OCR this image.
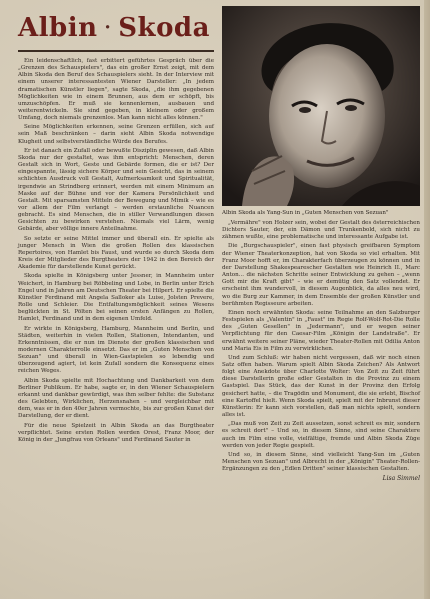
Albin · Skoda

Ein leidenschaftlich, fast erbittert geführtes Gespräch über die „Grenzen des Schauspielers", das ein großer Ernst zeigt, mit dem Albin Skoda den Beruf des Schauspielers sieht. In der Interview mit einem unserer interessantesten Wiener Darsteller: „In jedem dramatischen Künstler liegen", sagte Skoda, „die ihm gegebenen Möglichkeiten wie in einem Brunnen, aus dem er schöpft, bis umzuschöpfen. Er muß sie kennenlernen, ausbauen und weiterentwickeln. Sie sind gegeben, in kleinem oder großem Umfang, doch niemals grenzenlos. Man kann nicht alles können."

Seine Möglichkeiten erkennen, seine Grenzen erfüllen, sich auf sein Maß beschränken – darin sieht Albin Skoda notwendige Klugheit und selbstverständliche Würde des Berufes.

Er ist danach ein Zufall oder bewußte Disziplin gewesen, daß Albin Skoda nur der gestaltet, was ihm entspricht: Menschen, deren Gestalt sich in Wort, Geste und Gebärde formen, die er ist? Der eingespannte, lässig sichere Körper und sein Gesicht, das in seinem schlichten Ausdruck voll Gestalt, Aufmerksamkeit und Spiritualität, irgendwie an Strindberg erinnert, werden mit einem Minimum an Maske auf der Bühne und vor der Kamera Persönlichkeit und Gestalt. Mit sparsamsten Mitteln der Bewegung und Mimik – wie es vor allem der Film verlangt – werden erstaunliche Nuancen gebracht. Es sind Menschen, die in stiller Verwandlungen diesen Gesichten zu bewirken verstehen. Niemals viel Lärm, wenig Gebärde, aber völlige innere Anteilnahme.

So setzte er seine Mittel immer und überall ein. Er spielte als junger Mensch in Wien die großen Rollen des klassischen Repertoires, von Hamlet bis Faust, und wurde so durch Skoda dem Kreis der Mitglieder des Burgtheaters der 1942 in den Bereich der Akademie für darstellende Kunst gerückt.

Skoda spielte in Königsberg unter Jessner, in Mannheim unter Weichert, in Hamburg bei Röbbeling und Lobe, in Berlin unter Erich Engel und in Jahren am Deutschen Theater bei Hilpert. Er spielte die Künstler Ferdinand mit Angela Salloker als Luise, Jolsten Prevere, Rolle und Schleier. Die Entfaltungsmöglichkeit seines Wesens beglückten in St. Pölten bei seinen ersten Anfängen zu Rollen, Hamlet, Ferdinand und in dem eigenen Umfeld.

Er wirkte in Königsberg, Hamburg, Mannheim und Berlin, und Städten, weiterhin in vielen Rollen, Stationen, Intendanten, und Erkenntnissen, die er nun im Dienste der großen klassischen und modernen Charakterrolle einsetzt. Das er im „Guten Menschen von Sezuan" und überall in Wien-Gastspielen so lebendig und überzeugend agiert, ist kein Zufall sondern die Konsequenz eines reichen Weges.

Albin Skoda spielte mit Hochachtung und Dankbarkeit von dem Berliner Publikum. Er habe, sagte er, in den Wiener Schauspielern erkannt und dankbar gewürdigt, was ihm selber fehlte: die Substanz des Gelebten, Wirklichen, Herzensnahen – und vergleichbar mit dem, was er in den 40er Jahren vermochte, bis zur großen Kunst der Darstellung, der er dient.

Für die neue Spielzeit in Albin Skoda an das Burgtheater verpflichtet. Seine ersten Rollen werden Orest, Franz Moor, der König in der „Jungfrau von Orleans" und Ferdinand Sauter in

Albin Skoda als Yang-Sun in „Guten Menschen von Sezuan"

„Vermähre" von Holzer sein, wobei der Gestalt des österreichischen Dichters Sauter, der, ein Dämon und Trunkenbold, sich nicht zu zähmen wußte, eine problematische und interessante Aufgabe ist.

Die „Burgschauspieler", einen fast physisch greifbaren Symptom der Wiener Theaterkonzeption, hat von Skoda so viel erhalten. Mit Franz Moor hofft er, im Charakterfach überzeugen zu können und in der Darstellung Shakespearescher Gestalten wie Heinrich II., Marc Anton... die nächsten Schritte seiner Entwicklung zu gehen – „wenn Gott mir die Kraft gibt" – wie er demütig den Satz vollendet. Er erscheint ihm wundervoll, in diesem Augenblick, da alles neu wird, wo die Burg zur Kammer, in dem Ensemble der großen Künstler und berühmten Regisseure arbeiten.

Einen noch erwähnten Skoda: seine Teilnahme an den Salzburger Festspielen als „Valentin" in „Faust" im Regie Rolf-Wolf-Rot-Die Rolle des „Guten Gesellen" in „Jedermann", und er wegen seiner Verpflichtung für den Caesar-Film „Königin der Landstraße". Er erwähnt weitere seiner Pläne, wieder Theater-Rollen mit Odilia Anton und Maria Eis in Film zu verwirklichen.

Und zum Schluß: wir haben nicht vergessen, daß wir noch einen Satz offen haben. Warum spielt Albin Skoda Zeichen? Als Antwort folgt eine Anekdote über Charlotte Wolter: Von Zeit zu Zeit führt diese Darstellerin große edler Gestalten in die Provinz zu einem Gastspiel. Das Stück, das der Kunst in der Provinz den Erfolg gesichert hatte, – die Tragödin und Monument, die sie erlebt, Bischof eine Kartoffel hielt. Wenn Skoda spielt, spielt mit der Inbrunst dieser Künstlerin: Er kann sich vorstellen, daß man nichts spielt, sondern alles ist.

„Das muß von Zeit zu Zeit aussetzen, sonst schreit es mir, sondern es schreit dort" – Und so, in diesem Sinne, sind seine Charaktere auch im Film eine volle, vielfältige, fremde und Albin Skoda Züge werden von jeder Regie gespielt.

Und so, in diesem Sinne, sind vielleicht Yang-Sun im „Guten Menschen von Sezuan" und Albrecht in der „Königin" Theater-Rollen-Ergänzungen zu den „Edlen Dritten" seiner klassischen Gestalten.

Lisa Simmel
